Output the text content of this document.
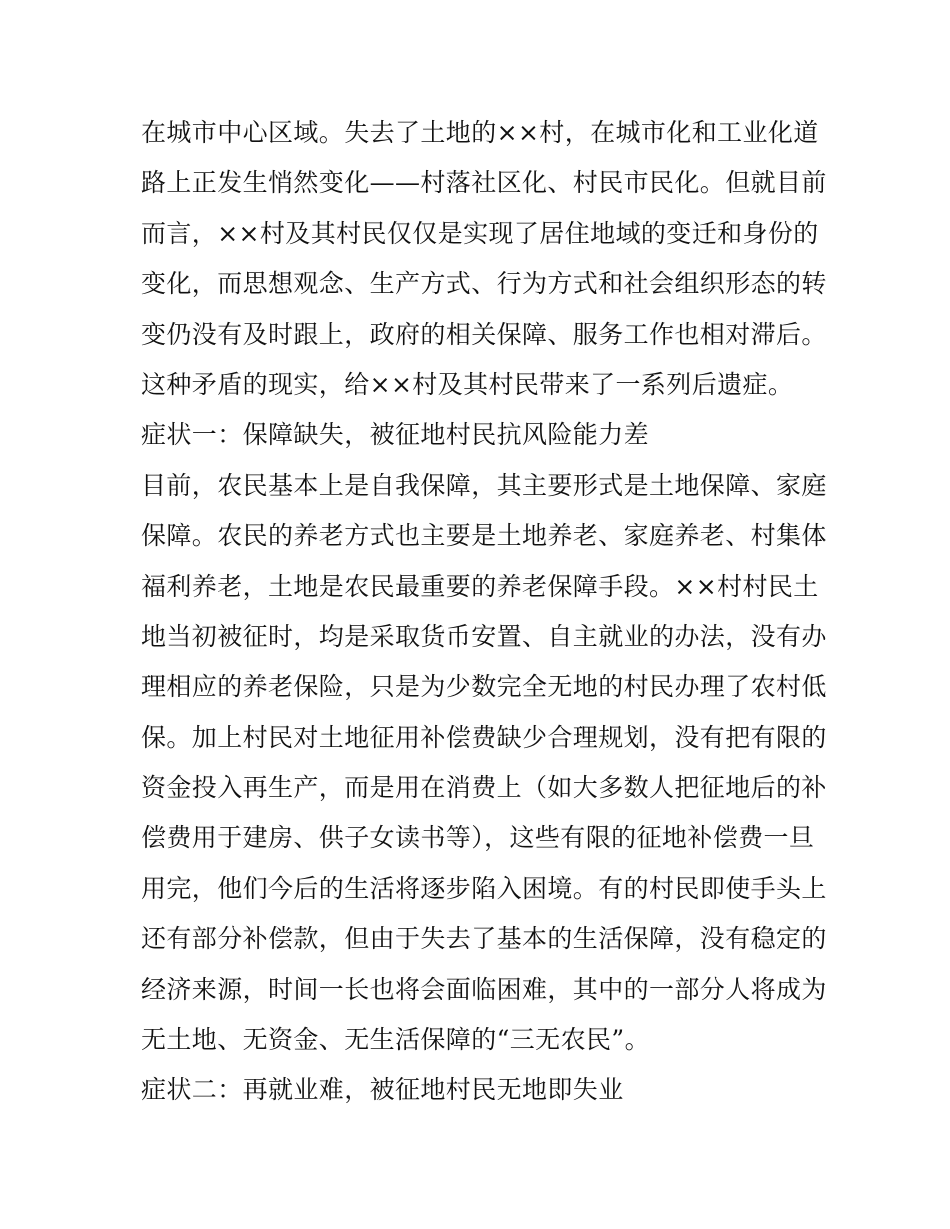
在城市中心区域。失去了土地的××村，在城市化和工业化道
路上正发生悄然变化——村落社区化、村民市民化。但就目前
而言，××村及其村民仅仅是实现了居住地域的变迁和身份的
变化，而思想观念、生产方式、行为方式和社会组织形态的转
变仍没有及时跟上，政府的相关保障、服务工作也相对滞后。
这种矛盾的现实，给××村及其村民带来了一系列后遗症。
症状一：保障缺失，被征地村民抗风险能力差
目前，农民基本上是自我保障，其主要形式是土地保障、家庭
保障。农民的养老方式也主要是土地养老、家庭养老、村集体
福利养老，土地是农民最重要的养老保障手段。××村村民土
地当初被征时，均是采取货币安置、自主就业的办法，没有办
理相应的养老保险，只是为少数完全无地的村民办理了农村低
保。加上村民对土地征用补偿费缺少合理规划，没有把有限的
资金投入再生产，而是用在消费上（如大多数人把征地后的补
偿费用于建房、供子女读书等），这些有限的征地补偿费一旦
用完，他们今后的生活将逐步陷入困境。有的村民即使手头上
还有部分补偿款，但由于失去了基本的生活保障，没有稳定的
经济来源，时间一长也将会面临困难，其中的一部分人将成为
无土地、无资金、无生活保障的“三无农民”。
症状二：再就业难，被征地村民无地即失业
